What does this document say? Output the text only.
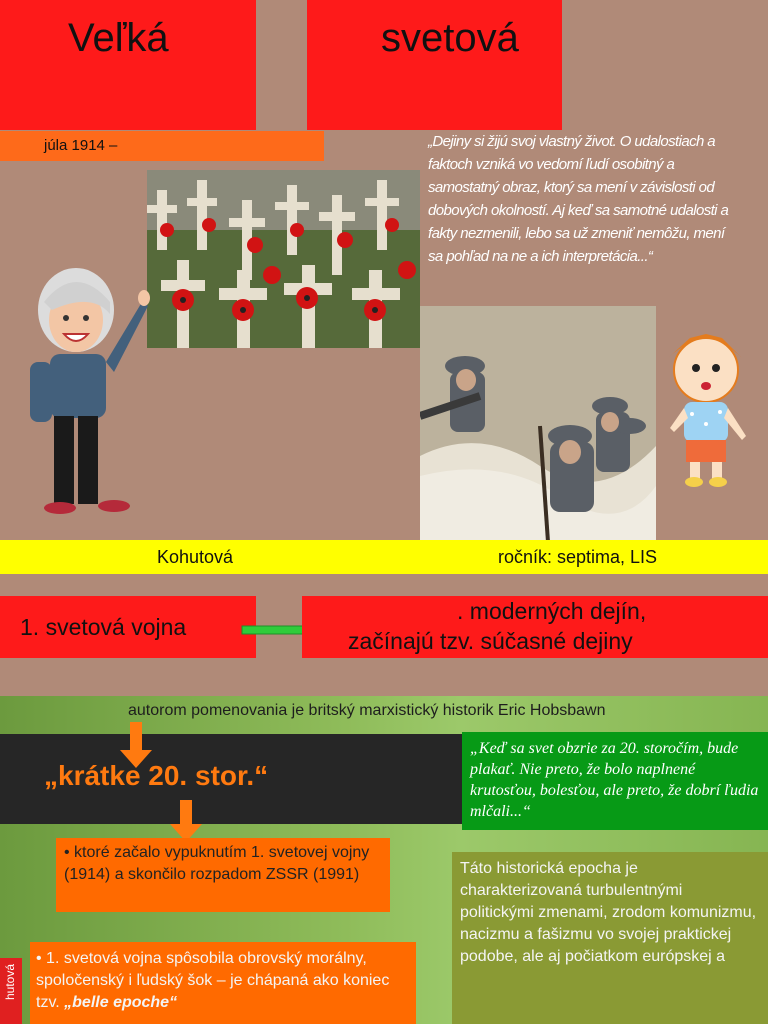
Veľká	svetová
júla 1914 –	„Dejiny si žijú svoj vlastný život. O udalostiach a faktoch vzniká vo vedomí ľudí osobitný a samostatný obraz, ktorý sa mení v závislosti od dobových okolností. Aj keď sa samotné udalosti a fakty nezmenili, lebo sa už zmeniť nemôžu, mení sa pohľad na ne a ich interpretácia...“
Kohutová	ročník: septima, LIS
1. svetová vojna
. moderných dejín,
začínajú tzv. súčasné dejiny
autorom pomenovania je britský marxistický historik Eric Hobsbawn
„krátke 20. stor.“
• ktoré začalo vypuknutím 1. svetovej vojny (1914) a skončilo rozpadom ZSSR (1991)
„Keď sa svet obzrie za 20. storočím, bude plakať. Nie preto, že bolo naplnené krutosťou, bolesťou, ale preto, že dobrí ľudia mlčali...“
Táto historická epocha je charakterizovaná turbulentnými politickými zmenami, zrodom komunizmu, nacizmu a fašizmu vo svojej praktickej podobe, ale aj počiatkom európskej a
• 1. svetová vojna spôsobila obrovský morálny, spoločenský i ľudský šok – je chápaná ako koniec tzv. „belle epoche“
hutová
